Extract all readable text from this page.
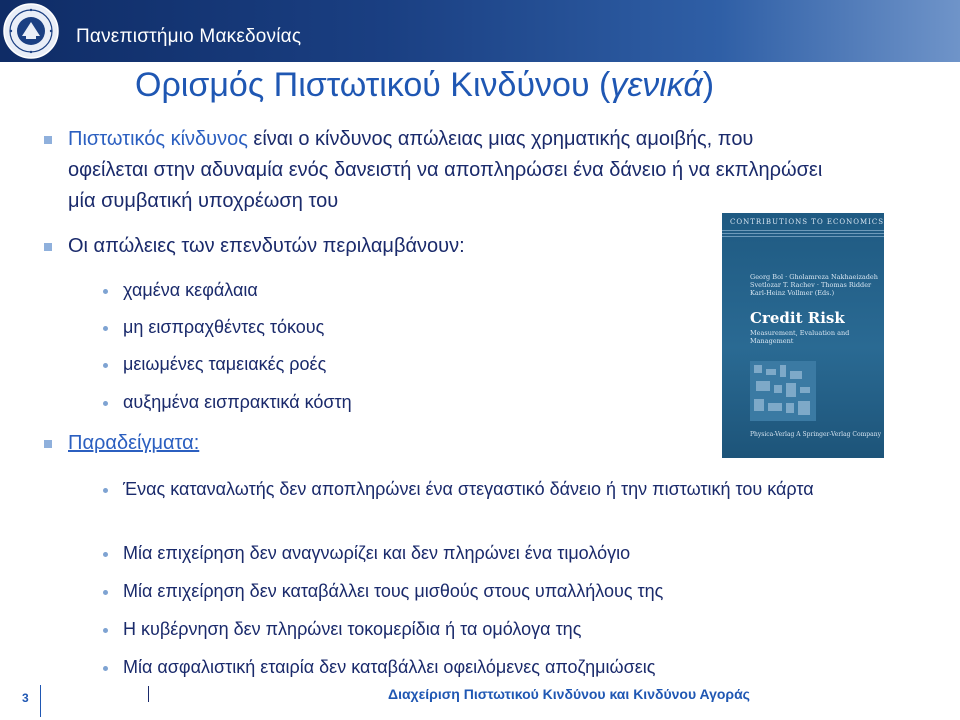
Πανεπιστήμιο Μακεδονίας
Ορισμός Πιστωτικού Κινδύνου (γενικά)
Πιστωτικός κίνδυνος είναι ο κίνδυνος απώλειας μιας χρηματικής αμοιβής, που οφείλεται στην αδυναμία ενός δανειστή να αποπληρώσει ένα δάνειο ή να εκπληρώσει μία συμβατική υποχρέωση του
Οι απώλειες των επενδυτών περιλαμβάνουν:
χαμένα κεφάλαια
μη εισπραχθέντες τόκους
μειωμένες ταμειακές ροές
αυξημένα εισπρακτικά κόστη
Παραδείγματα:
Ένας καταναλωτής δεν αποπληρώνει ένα στεγαστικό δάνειο ή την πιστωτική του κάρτα
Μία επιχείρηση δεν αναγνωρίζει και δεν πληρώνει ένα τιμολόγιο
Μία επιχείρηση δεν καταβάλλει τους μισθούς στους υπαλλήλους της
Η κυβέρνηση δεν πληρώνει τοκομερίδια ή τα ομόλογα της
Μία ασφαλιστική εταιρία δεν καταβάλλει οφειλόμενες αποζημιώσεις
CONTRIBUTIONS TO ECONOMICS
Georg Bol · Gholamreza Nakhaeizadeh Svetlozar T. Rachev · Thomas Ridder Karl-Heinz Vollmer (Eds.)
Credit Risk
Measurement, Evaluation and Management
Physica-Verlag A Springer-Verlag Company
3	Διαχείριση Πιστωτικού Κινδύνου και Κινδύνου Αγοράς
